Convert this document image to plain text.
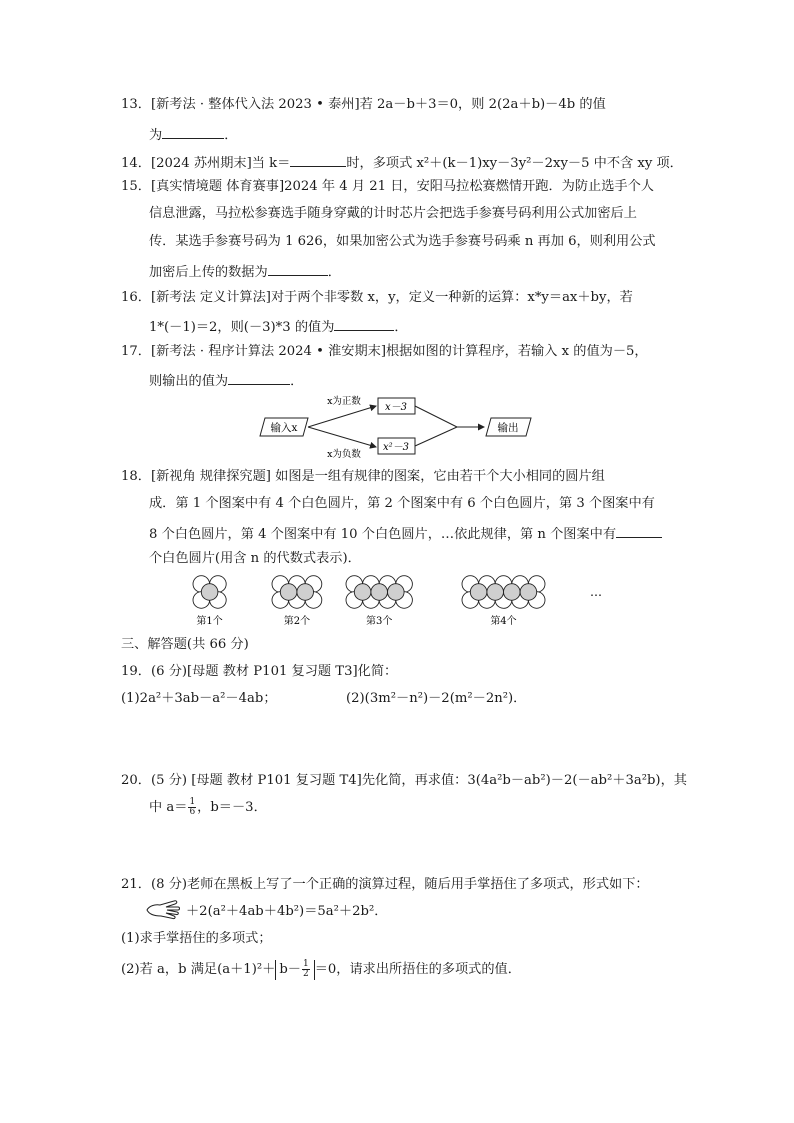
13．[新考法 · 整体代入法 2023 • 泰州]若 2a－b＋3＝0，则 2(2a＋b)－4b 的值
为	．
14．[2024 苏州期末]当 k＝	时，多项式 x²＋(k－1)xy－3y²－2xy－5 中不含 xy 项．
15．[真实情境题 体育赛事]2024 年 4 月 21 日，安阳马拉松赛燃情开跑．为防止选手个人
信息泄露，马拉松参赛选手随身穿戴的计时芯片会把选手参赛号码利用公式加密后上
传．某选手参赛号码为 1 626，如果加密公式为选手参赛号码乘 n 再加 6，则利用公式
加密后上传的数据为	．
16．[新考法 定义计算法]对于两个非零数 x，y，定义一种新的运算：x*y＝ax＋by，若
1*(－1)＝2，则(－3)*3 的值为	．
17．[新考法 · 程序计算法 2024 • 淮安期末]根据如图的计算程序，若输入 x 的值为－5，
则输出的值为	．
输入x
x为正数
x为负数
x－3
x²－3
输出
18．[新视角 规律探究题] 如图是一组有规律的图案，它由若干个大小相同的圆片组
成．第 1 个图案中有 4 个白色圆片，第 2 个图案中有 6 个白色圆片，第 3 个图案中有
8 个白色圆片，第 4 个图案中有 10 个白色圆片，…依此规律，第 n 个图案中有
个白色圆片(用含 n 的代数式表示)．
第1个	第2个	第3个	第4个
…
三、解答题(共 66 分)
19．(6 分)[母题 教材 P101 复习题 T3]化简：
(1)2a²＋3ab－a²－4ab；	(2)(3m²－n²)－2(m²－2n²)．
20．(5 分) [母题 教材 P101 复习题 T4]先化简，再求值：3(4a²b－ab²)－2(－ab²＋3a²b)，其
中 $a= \frac{1}{6}$ ，b＝－3．
21．(8 分)老师在黑板上写了一个正确的演算过程，随后用手掌捂住了多项式，形式如下：
＋2(a²＋4ab＋4b²)＝5a²＋2b²．
(1)求手掌捂住的多项式；
(2)若 a，b 满足$(a+1)^2+ b- \frac{1}{2} =0$，请求出所捂住的多项式的值．
